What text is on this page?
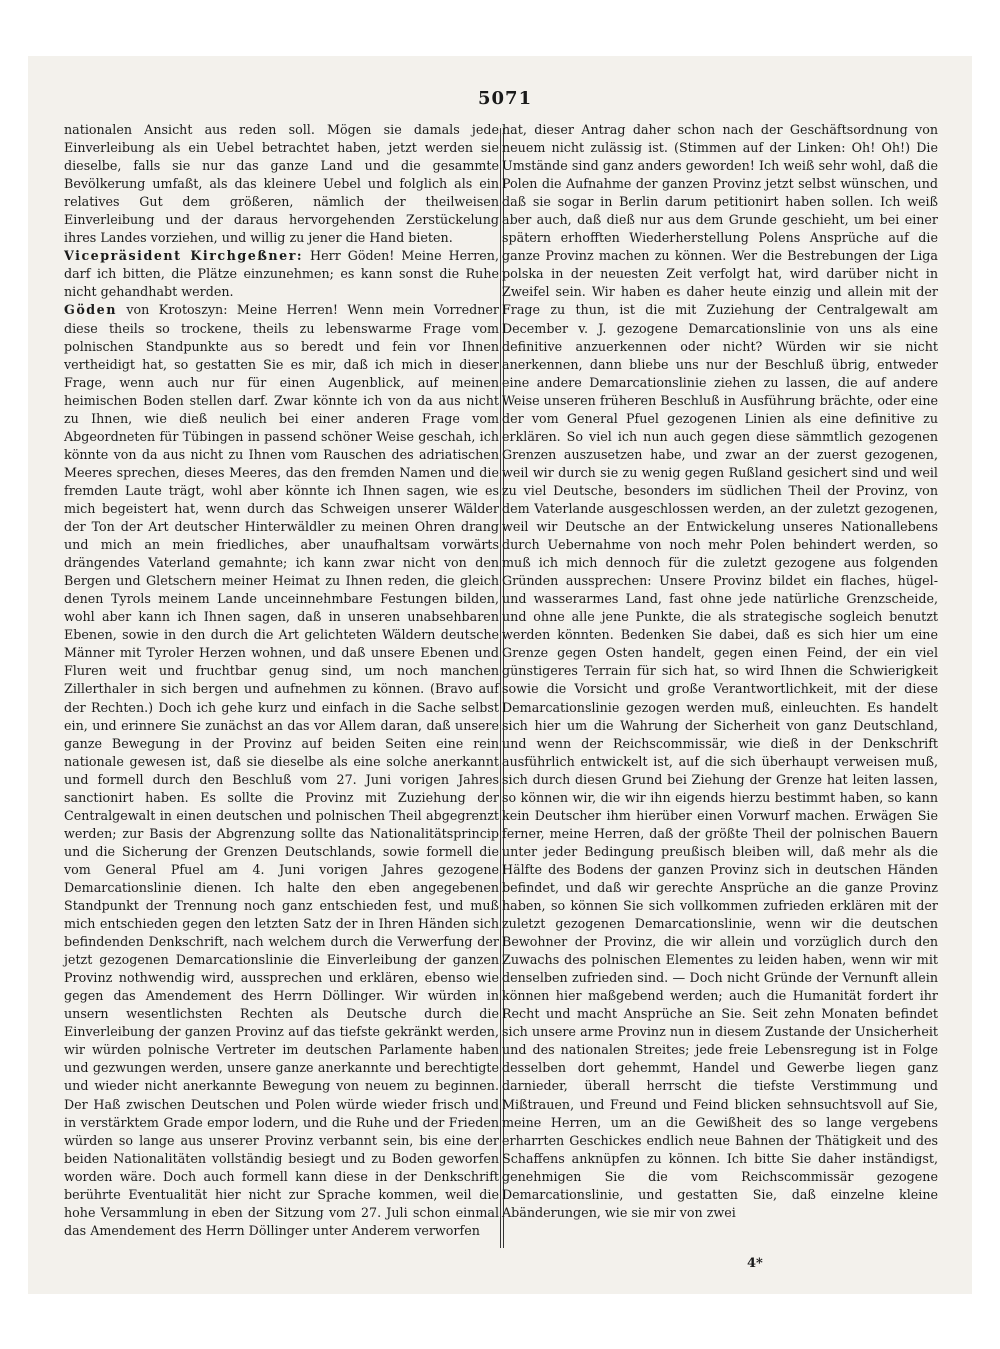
5071

nationalen Ansicht aus reden soll. Mögen sie damals jede Einverleibung als ein Uebel betrachtet haben, jetzt werden sie dieselbe, falls sie nur das ganze Land und die gesammte Bevölkerung umfaßt, als das kleinere Uebel und folglich als ein relatives Gut dem größeren, nämlich der theilweisen Einverleibung und der daraus hervorgehenden Zerstückelung ihres Landes vorziehen, und willig zu jener die Hand bieten.

Vicepräsident Kirchgeßner: Herr Göden! Meine Herren, darf ich bitten, die Plätze einzunehmen; es kann sonst die Ruhe nicht gehandhabt werden.

Göden von Krotoszyn: Meine Herren! Wenn mein Vorredner diese theils so trockene, theils zu lebenswarme Frage vom polnischen Standpunkte aus so beredt und fein vor Ihnen vertheidigt hat, so gestatten Sie es mir, daß ich mich in dieser Frage, wenn auch nur für einen Augenblick, auf meinen heimischen Boden stellen darf. Zwar könnte ich von da aus nicht zu Ihnen, wie dieß neulich bei einer anderen Frage vom Abgeordneten für Tübingen in passend schöner Weise geschah, ich könnte von da aus nicht zu Ihnen vom Rauschen des adriatischen Meeres sprechen, dieses Meeres, das den fremden Namen und die fremden Laute trägt, wohl aber könnte ich Ihnen sagen, wie es mich begeistert hat, wenn durch das Schweigen unserer Wälder der Ton der Art deutscher Hinterwäldler zu meinen Ohren drang und mich an mein friedliches, aber unaufhaltsam vorwärts drängendes Vaterland gemahnte; ich kann zwar nicht von den Bergen und Gletschern meiner Heimat zu Ihnen reden, die gleich denen Tyrols meinem Lande unceinnehmbare Festungen bilden, wohl aber kann ich Ihnen sagen, daß in unseren unabsehbaren Ebenen, sowie in den durch die Art gelichteten Wäldern deutsche Männer mit Tyroler Herzen wohnen, und daß unsere Ebenen und Fluren weit und fruchtbar genug sind, um noch manchen Zillerthaler in sich bergen und aufnehmen zu können. (Bravo auf der Rechten.) Doch ich gehe kurz und einfach in die Sache selbst ein, und erinnere Sie zunächst an das vor Allem daran, daß unsere ganze Bewegung in der Provinz auf beiden Seiten eine rein nationale gewesen ist, daß sie dieselbe als eine solche anerkannt und formell durch den Beschluß vom 27. Juni vorigen Jahres sanctionirt haben. Es sollte die Provinz mit Zuziehung der Centralgewalt in einen deutschen und polnischen Theil abgegrenzt werden; zur Basis der Abgrenzung sollte das Nationalitätsprincip und die Sicherung der Grenzen Deutschlands, sowie formell die vom General Pfuel am 4. Juni vorigen Jahres gezogene Demarcationslinie dienen. Ich halte den eben angegebenen Standpunkt der Trennung noch ganz entschieden fest, und muß mich entschieden gegen den letzten Satz der in Ihren Händen sich befindenden Denkschrift, nach welchem durch die Verwerfung der jetzt gezogenen Demarcationslinie die Einverleibung der ganzen Provinz nothwendig wird, aussprechen und erklären, ebenso wie gegen das Amendement des Herrn Döllinger. Wir würden in unsern wesentlichsten Rechten als Deutsche durch die Einverleibung der ganzen Provinz auf das tiefste gekränkt werden, wir würden polnische Vertreter im deutschen Parlamente haben und gezwungen werden, unsere ganze anerkannte und berechtigte und wieder nicht anerkannte Bewegung von neuem zu beginnen. Der Haß zwischen Deutschen und Polen würde wieder frisch und in verstärktem Grade empor lodern, und die Ruhe und der Frieden würden so lange aus unserer Provinz verbannt sein, bis eine der beiden Nationalitäten vollständig besiegt und zu Boden geworfen worden wäre. Doch auch formell kann diese in der Denkschrift berührte Eventualität hier nicht zur Sprache kommen, weil die hohe Versammlung in eben der Sitzung vom 27. Juli schon einmal das Amendement des Herrn Döllinger unter Anderem verworfen

hat, dieser Antrag daher schon nach der Geschäftsordnung von neuem nicht zulässig ist. (Stimmen auf der Linken: Oh! Oh!) Die Umstände sind ganz anders geworden! Ich weiß sehr wohl, daß die Polen die Aufnahme der ganzen Provinz jetzt selbst wünschen, und daß sie sogar in Berlin darum petitionirt haben sollen. Ich weiß aber auch, daß dieß nur aus dem Grunde geschieht, um bei einer spätern erhofften Wiederherstellung Polens Ansprüche auf die ganze Provinz machen zu können. Wer die Bestrebungen der Liga polska in der neuesten Zeit verfolgt hat, wird darüber nicht in Zweifel sein. Wir haben es daher heute einzig und allein mit der Frage zu thun, ist die mit Zuziehung der Centralgewalt am December v. J. gezogene Demarcationslinie von uns als eine definitive anzuerkennen oder nicht? Würden wir sie nicht anerkennen, dann bliebe uns nur der Beschluß übrig, entweder eine andere Demarcationslinie ziehen zu lassen, die auf andere Weise unseren früheren Beschluß in Ausführung brächte, oder eine der vom General Pfuel gezogenen Linien als eine definitive zu erklären. So viel ich nun auch gegen diese sämmtlich gezogenen Grenzen auszusetzen habe, und zwar an der zuerst gezogenen, weil wir durch sie zu wenig gegen Rußland gesichert sind und weil zu viel Deutsche, besonders im südlichen Theil der Provinz, von dem Vaterlande ausgeschlossen werden, an der zuletzt gezogenen, weil wir Deutsche an der Entwickelung unseres Nationallebens durch Uebernahme von noch mehr Polen behindert werden, so muß ich mich dennoch für die zuletzt gezogene aus folgenden Gründen aussprechen: Unsere Provinz bildet ein flaches, hügel- und wasserarmes Land, fast ohne jede natürliche Grenzscheide, und ohne alle jene Punkte, die als strategische sogleich benutzt werden könnten. Bedenken Sie dabei, daß es sich hier um eine Grenze gegen Osten handelt, gegen einen Feind, der ein viel günstigeres Terrain für sich hat, so wird Ihnen die Schwierigkeit sowie die Vorsicht und große Verantwortlichkeit, mit der diese Demarcationslinie gezogen werden muß, einleuchten. Es handelt sich hier um die Wahrung der Sicherheit von ganz Deutschland, und wenn der Reichscommissär, wie dieß in der Denkschrift ausführlich entwickelt ist, auf die sich überhaupt verweisen muß, sich durch diesen Grund bei Ziehung der Grenze hat leiten lassen, so können wir, die wir ihn eigends hierzu bestimmt haben, so kann kein Deutscher ihm hierüber einen Vorwurf machen. Erwägen Sie ferner, meine Herren, daß der größte Theil der polnischen Bauern unter jeder Bedingung preußisch bleiben will, daß mehr als die Hälfte des Bodens der ganzen Provinz sich in deutschen Händen befindet, und daß wir gerechte Ansprüche an die ganze Provinz haben, so können Sie sich vollkommen zufrieden erklären mit der zuletzt gezogenen Demarcationslinie, wenn wir die deutschen Bewohner der Provinz, die wir allein und vorzüglich durch den Zuwachs des polnischen Elementes zu leiden haben, wenn wir mit denselben zufrieden sind. — Doch nicht Gründe der Vernunft allein können hier maßgebend werden; auch die Humanität fordert ihr Recht und macht Ansprüche an Sie. Seit zehn Monaten befindet sich unsere arme Provinz nun in diesem Zustande der Unsicherheit und des nationalen Streites; jede freie Lebensregung ist in Folge desselben dort gehemmt, Handel und Gewerbe liegen ganz darnieder, überall herrscht die tiefste Verstimmung und Mißtrauen, und Freund und Feind blicken sehnsuchtsvoll auf Sie, meine Herren, um an die Gewißheit des so lange vergebens erharrten Geschickes endlich neue Bahnen der Thätigkeit und des Schaffens anknüpfen zu können. Ich bitte Sie daher inständigst, genehmigen Sie die vom Reichscommissär gezogene Demarcationslinie, und gestatten Sie, daß einzelne kleine Abänderungen, wie sie mir von zwei

4*
